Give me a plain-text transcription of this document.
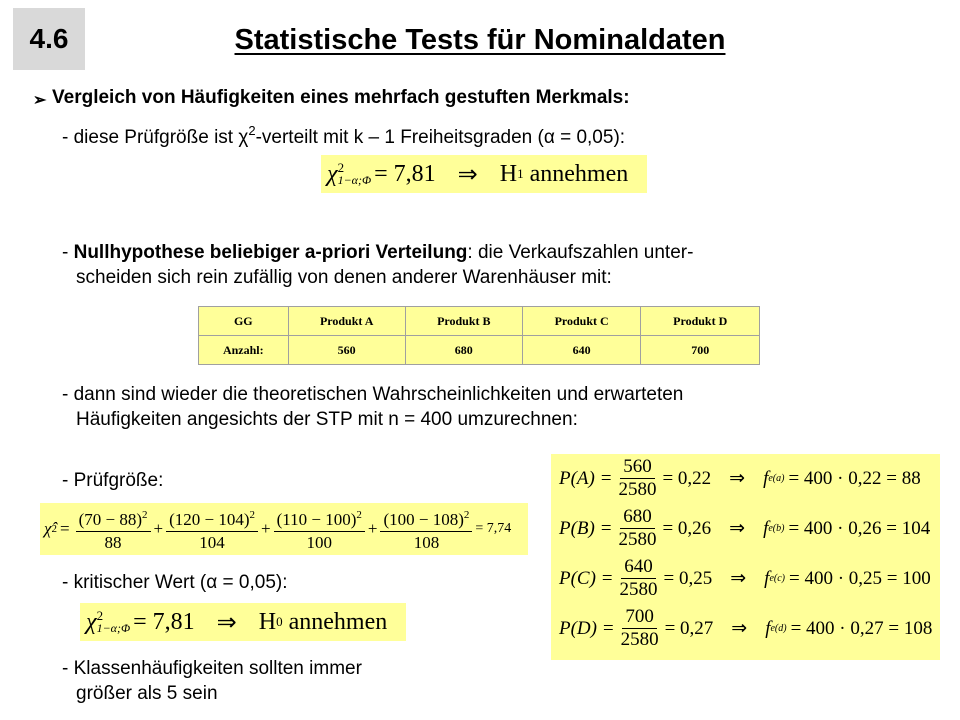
4.6	Statistische Tests für Nominaldaten
➢ Vergleich von Häufigkeiten eines mehrfach gestuften Merkmals:
- diese Prüfgröße ist $\chi^2$-verteilt mit k – 1 Freiheitsgraden (α = 0,05):
χ 2
1−α;Φ = 7,81 ⇒ H 1 annehmen
- Nullhypothese beliebiger a-priori Verteilung: die Verkaufszahlen unter-
scheiden sich rein zufällig von denen anderer Warenhäuser mit:
GG	Produkt A	Produkt B	Produkt C	Produkt D
Anzahl:	560	680	640	700
- dann sind wieder die theoretischen Wahrscheinlichkeiten und erwarteten
Häufigkeiten angesichts der STP mit n = 400 umzurechnen:
- Prüfgröße:
χ̂ $2 = \frac{(70 - 88)^2}{88} + \frac{(120 - 104)^2}{104} + \frac{(110 - 100)^2}{100} + \frac{(100 - 108)^2}{108} = 7,74$
- kritischer Wert (α = 0,05):
χ 2
1−α;Φ = 7,81 ⇒ H 0 annehmen
- Klassenhäufigkeiten sollten immer
größer als 5 sein
$P(A) = \frac{560}{2580} = 0,22$ ⇒ f e(a) = 400 · 0,22 = 88
$P(B) = \frac{680}{2580} = 0,26$ ⇒ f e(b) = 400 · 0,26 = 104
$P(C) = \frac{640}{2580} = 0,25$ ⇒ f e(c) = 400 · 0,25 = 100
$P(D) = \frac{700}{2580} = 0,27$ ⇒ f e(d) = 400 · 0,27 = 108
